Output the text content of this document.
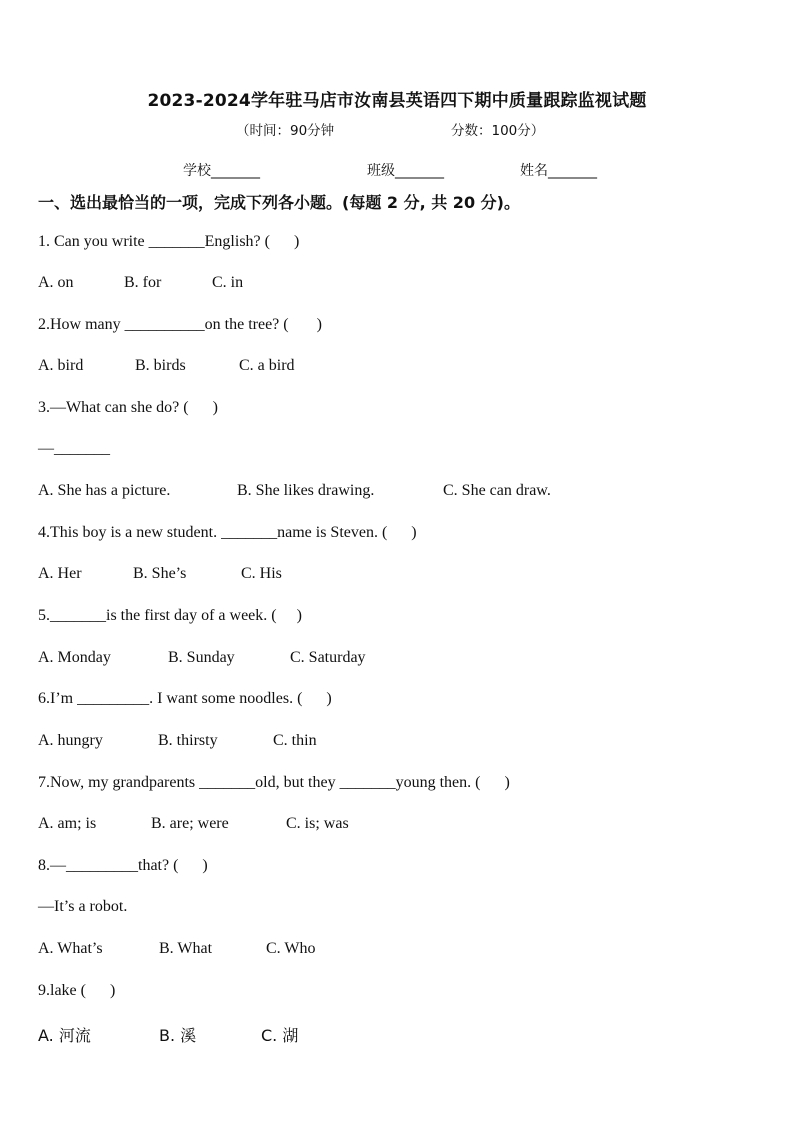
2023-2024学年驻马店市汝南县英语四下期中质量跟踪监视试题
（时间：90分钟	分数：100分）
学校_______	班级_______	姓名_______
一、选出最恰当的一项，完成下列各小题。(每题 2 分, 共 20 分)。
1. Can you write _______English? (      )
A. on	B. for	C. in
2.How many __________on the tree? (       )
A. bird	B. birds	C. a bird
3.—What can she do? (      )
—_______
A. She has a picture.	B. She likes drawing.	C. She can draw.
4.This boy is a new student. _______name is Steven. (      )
A. Her	B. She’s	C. His
5._______is the first day of a week. (     )
A. Monday	B. Sunday	C. Saturday
6.I’m _________. I want some noodles. (      )
A. hungry	B. thirsty	C. thin
7.Now, my grandparents _______old, but they _______young then. (      )
A. am; is	B. are; were	C. is; was
8.—_________that? (      )
—It’s a robot.
A. What’s	B. What	C. Who
9.lake (      )
A. 河流	B. 溪	C. 湖
